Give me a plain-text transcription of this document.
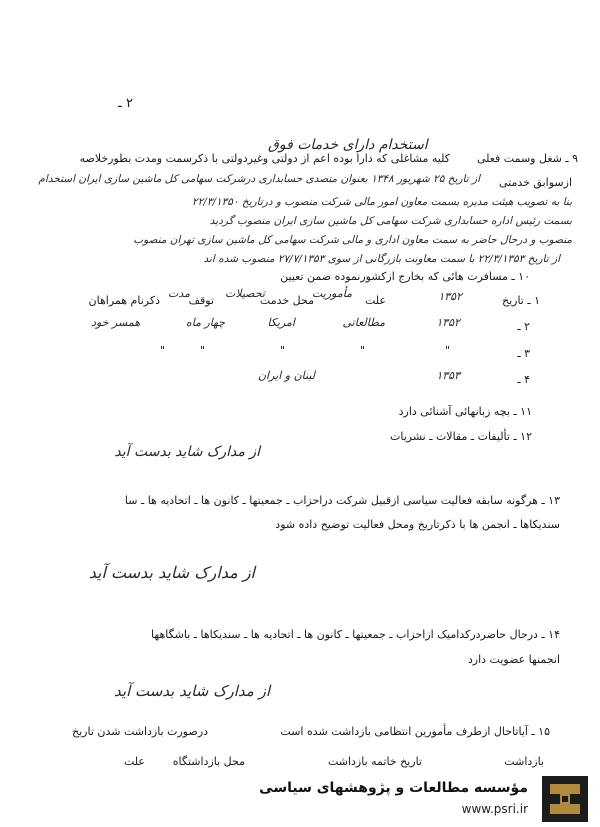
۲ ـ
استخدام دارای خدمات فوق
۹ ـ شغل وسمت فعلی
کلیه مشاغلی که دارا بوده اعم از دولتی وغیردولتی با ذکرسمت ومدت بطورخلاصه
ازسوابق خدمتی
از تاریخ ۲۵ شهریور ۱۳۴۸ بعنوان متصدی حسابداری درشرکت سهامی کل ماشین سازی ایران استخدام
بنا به تصویب هیئت مدیره بسمت معاون امور مالی شرکت منصوب و درتاریخ ۲۲/۳/۱۳۵۰
بسمت رئیس اداره حسابداری شرکت سهامی کل ماشین سازی ایران منصوب گردید
منصوب و درحال حاضر به سمت معاون اداری و مالی شرکت سهامی کل ماشین سازی تهران منصوب
از تاریخ ۲۲/۳/۱۳۵۳ با سمت معاونت بازرگانی از سوی ۲۷/۷/۱۳۵۳ منصوب شده اند
۱۰ ـ مسافرت هائی که بخارج ازکشورنموده ضمن تعیین
۱ ـ تاریخ
۱۳۵۲
علت
مأموریت
محل خدمت
تحصیلات
توقف
مدت
ذکرنام همراهان
۲ ـ
۱۳۵۲
مطالعاتی
امریکا
چهار ماه
همسر خود
۳ ـ
"
"
"
"
"
۴ ـ
۱۳۵۳
لبنان و ایران
۱۱ ـ بچه زبانهائی آشنائی دارد
۱۲ ـ تألیفات ـ مقالات ـ نشریات
از مدارک شاید بدست آید
۱۳ ـ هرگونه سابقه فعالیت سیاسی ازقبیل شرکت دراحزاب ـ جمعیتها ـ کانون ها ـ اتحادیه ها ـ سا
سندیکاها ـ انجمن ها با ذکرتاریخ ومحل فعالیت توضیح داده شود
از مدارک شاید بدست آید
۱۴ ـ درحال حاضردرکدامیک ازاحزاب ـ جمعیتها ـ کانون ها ـ اتحادیه ها ـ سندیکاها ـ باشگاهها
انجمنها عضویت دارد
از مدارک شاید بدست آید
۱۵ ـ آیاتاحال ازطرف مأمورین انتظامی بازداشت شده است
درصورت بازداشت شدن تاریخ
بازداشت
تاریخ خاتمه بازداشت
محل بازداشتگاه
علت
مؤسسه مطالعات و پژوهشهای سیاسی
www.psri.ir
